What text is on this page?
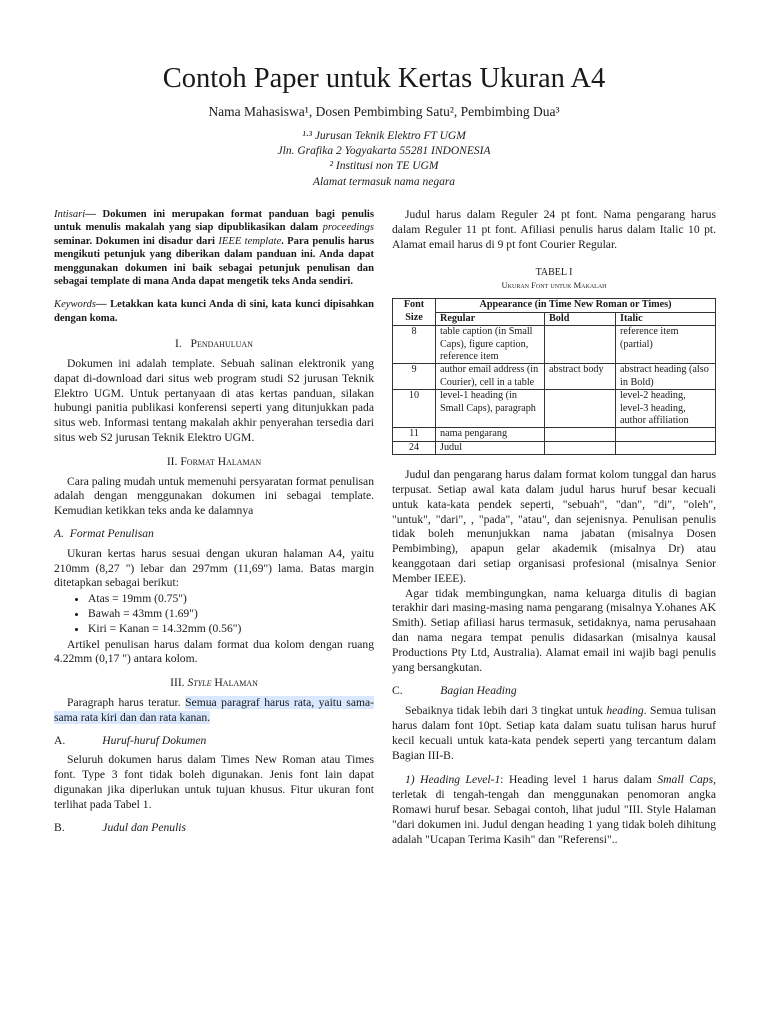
Contoh Paper untuk Kertas Ukuran A4
Nama Mahasiswa¹, Dosen Pembimbing Satu², Pembimbing Dua³
¹·³ Jurusan Teknik Elektro FT UGM
Jln. Grafika 2 Yogyakarta 55281 INDONESIA
² Institusi non TE UGM
Alamat termasuk nama negara

Intisari— Dokumen ini merupakan format panduan bagi penulis untuk menulis makalah yang siap dipublikasikan dalam proceedings seminar. Dokumen ini disadur dari IEEE template. Para penulis harus mengikuti petunjuk yang diberikan dalam panduan ini. Anda dapat menggunakan dokumen ini baik sebagai petunjuk penulisan dan sebagai template di mana Anda dapat mengetik teks Anda sendiri.

Keywords— Letakkan kata kunci Anda di sini, kata kunci dipisahkan dengan koma.

I. Pendahuluan

Dokumen ini adalah template. Sebuah salinan elektronik yang dapat di-download dari situs web program studi S2 jurusan Teknik Elektro UGM. Untuk pertanyaan di atas kertas panduan, silakan hubungi panitia publikasi konferensi seperti yang ditunjukkan pada situs web. Informasi tentang makalah akhir penyerahan tersedia dari situs web S2 jurusan Teknik Elektro UGM.

II. Format Halaman

Cara paling mudah untuk memenuhi persyaratan format penulisan adalah dengan menggunakan dokumen ini sebagai template. Kemudian ketikkan teks anda ke dalamnya

A. Format Penulisan

Ukuran kertas harus sesuai dengan ukuran halaman A4, yaitu 210mm (8,27 ") lebar dan 297mm (11,69") lama. Batas margin ditetapkan sebagai berikut:

• Atas = 19mm (0.75")
• Bawah = 43mm (1.69")
• Kiri = Kanan = 14.32mm (0.56")

Artikel penulisan harus dalam format dua kolom dengan ruang 4.22mm (0,17 ") antara kolom.

III. Style Halaman

Paragraph harus teratur. Semua paragraf harus rata, yaitu sama-sama rata kiri dan dan rata kanan.

A.	Huruf-huruf Dokumen

Seluruh dokumen harus dalam Times New Roman atau Times font. Type 3 font tidak boleh digunakan. Jenis font lain dapat digunakan jika diperlukan untuk tujuan khusus. Fitur ukuran font terlihat pada Tabel 1.

B.	Judul dan Penulis

Judul harus dalam Reguler 24 pt font. Nama pengarang harus dalam Reguler 11 pt font. Afiliasi penulis harus dalam Italic 10 pt. Alamat email harus di 9 pt font Courier Regular.

TABEL I
Ukuran Font untuk Makalah
Font Size	Appearance (in Time New Roman or Times)		
	Regular	Bold	Italic
8	table caption (in Small Caps), figure caption, reference item		reference item (partial)
9	author email address (in Courier), cell in a table	abstract body	abstract heading (also in Bold)
10	level-1 heading (in Small Caps), paragraph		level-2 heading, level-3 heading, author affiliation
11	nama pengarang		
24	Judul		

Judul dan pengarang harus dalam format kolom tunggal dan harus terpusat. Setiap awal kata dalam judul harus huruf besar kecuali untuk kata-kata pendek seperti, "sebuah", "dan", "di", "oleh", "untuk", "dari", , "pada", "atau", dan sejenisnya. Penulisan penulis tidak boleh menunjukkan nama jabatan (misalnya Dosen Pembimbing), apapun gelar akademik (misalnya Dr) atau keanggotaan dari setiap organisasi profesional (misalnya Senior Member IEEE).

Agar tidak membingungkan, nama keluarga ditulis di bagian terakhir dari masing-masing nama pengarang (misalnya Y.ohanes AK Smith). Setiap afiliasi harus termasuk, setidaknya, nama perusahaan dan nama negara tempat penulis didasarkan (misalnya kausal Productions Pty Ltd, Australia). Alamat email ini wajib bagi penulis yang bersangkutan.

C.	Bagian Heading

Sebaiknya tidak lebih dari 3 tingkat untuk heading. Semua tulisan harus dalam font 10pt. Setiap kata dalam suatu tulisan harus huruf kecil kecuali untuk kata-kata pendek seperti yang tercantum dalam Bagian III-B.

1) Heading Level-1: Heading level 1 harus dalam Small Caps, terletak di tengah-tengah dan menggunakan penomoran angka Romawi huruf besar. Sebagai contoh, lihat judul "III. Style Halaman "dari dokumen ini. Judul dengan heading 1 yang tidak boleh dihitung adalah "Ucapan Terima Kasih" dan "Referensi"..
